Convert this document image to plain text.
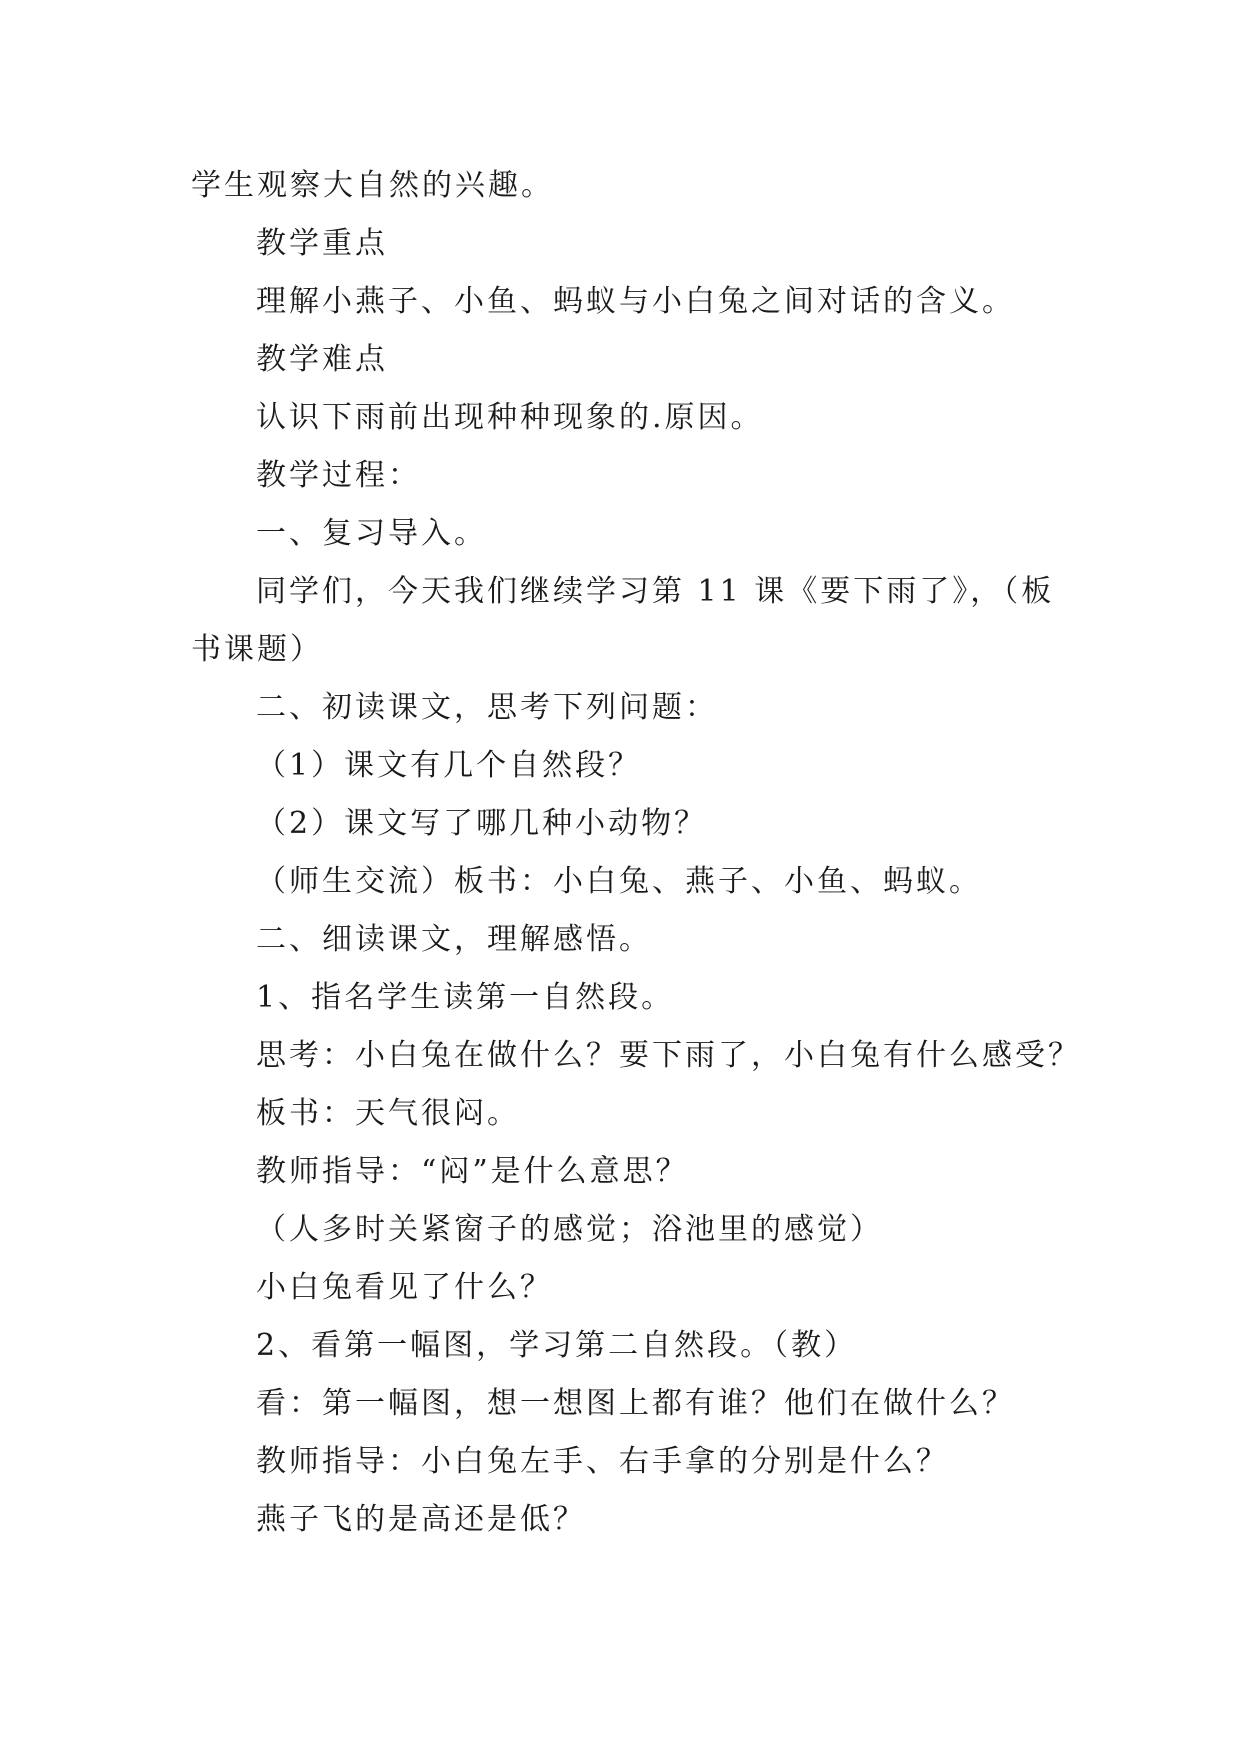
学生观察大自然的兴趣。
教学重点
理解小燕子、小鱼、蚂蚁与小白兔之间对话的含义。
教学难点
认识下雨前出现种种现象的.原因。
教学过程：
一、复习导入。
同学们，今天我们继续学习第 11 课《要下雨了》，（板
书课题）
二、初读课文，思考下列问题：
（1）课文有几个自然段？
（2）课文写了哪几种小动物？
（师生交流）板书：小白兔、燕子、小鱼、蚂蚁。
二、细读课文，理解感悟。
1、指名学生读第一自然段。
思考：小白兔在做什么？要下雨了，小白兔有什么感受？
板书：天气很闷。
教师指导：“闷”是什么意思？
（人多时关紧窗子的感觉；浴池里的感觉）
小白兔看见了什么？
2、看第一幅图，学习第二自然段。（教）
看：第一幅图，想一想图上都有谁？他们在做什么？
教师指导：小白兔左手、右手拿的分别是什么？
燕子飞的是高还是低？
